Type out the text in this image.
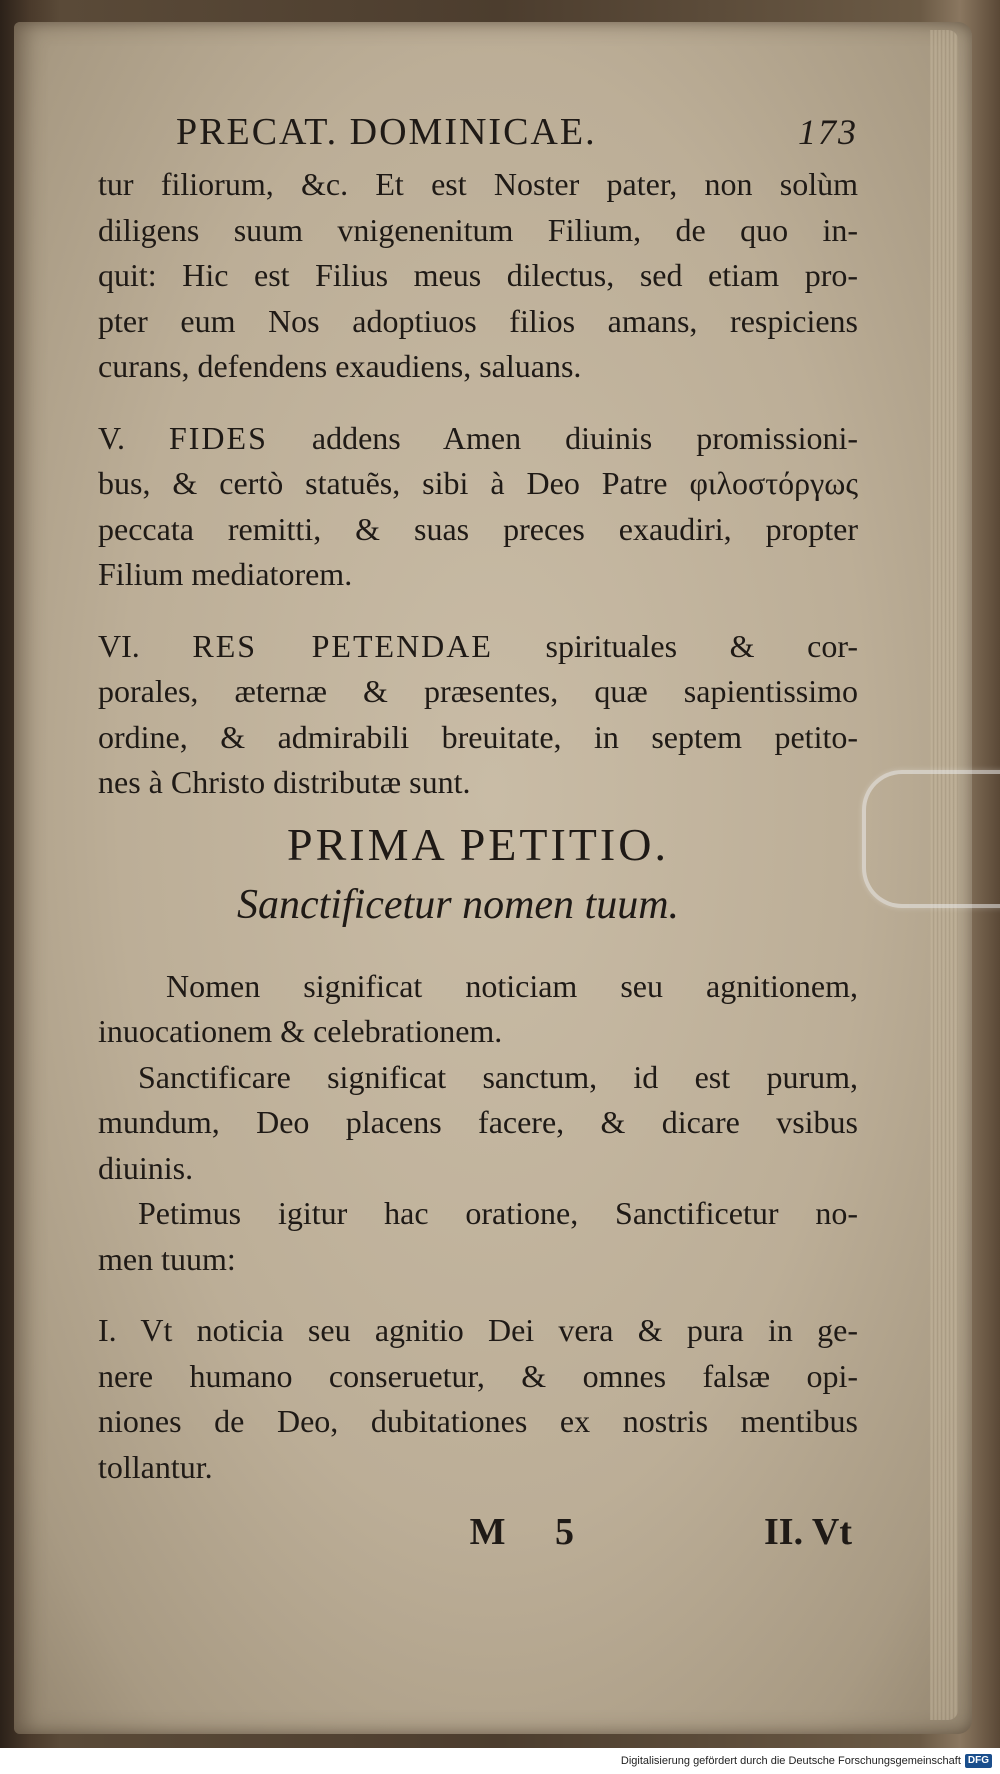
PRECAT. DOMINICAE.	173
tur filiorum, &c. Et est Noster pater, non solùm
diligens suum vnigenenitum Filium, de quo in-
quit: Hic est Filius meus dilectus, sed etiam pro-
pter eum Nos adoptiuos filios amans, respiciens
curans, defendens exaudiens, saluans.
V. FIDES addens Amen diuinis promissioni-
bus, & certò statuẽs, sibi à Deo Patre φιλοστόργως
peccata remitti, & suas preces exaudiri, propter
Filium mediatorem.
VI. RES PETENDAE spirituales & cor-
porales, æternæ & præsentes, quæ sapientissimo
ordine, & admirabili breuitate, in septem petito-
nes à Christo distributæ sunt.
PRIMA PETITIO.
Sanctificetur nomen tuum.
Nomen significat noticiam seu agnitionem,
inuocationem & celebrationem.
Sanctificare significat sanctum, id est purum,
mundum, Deo placens facere, & dicare vsibus
diuinis.
Petimus igitur hac oratione, Sanctificetur no-
men tuum:
I. Vt noticia seu agnitio Dei vera & pura in ge-
nere humano conseruetur, & omnes falsæ opi-
niones de Deo, dubitationes ex nostris mentibus
tollantur.
M 5	II. Vt
Digitalisierung gefördert durch die Deutsche Forschungsgemeinschaft DFG
